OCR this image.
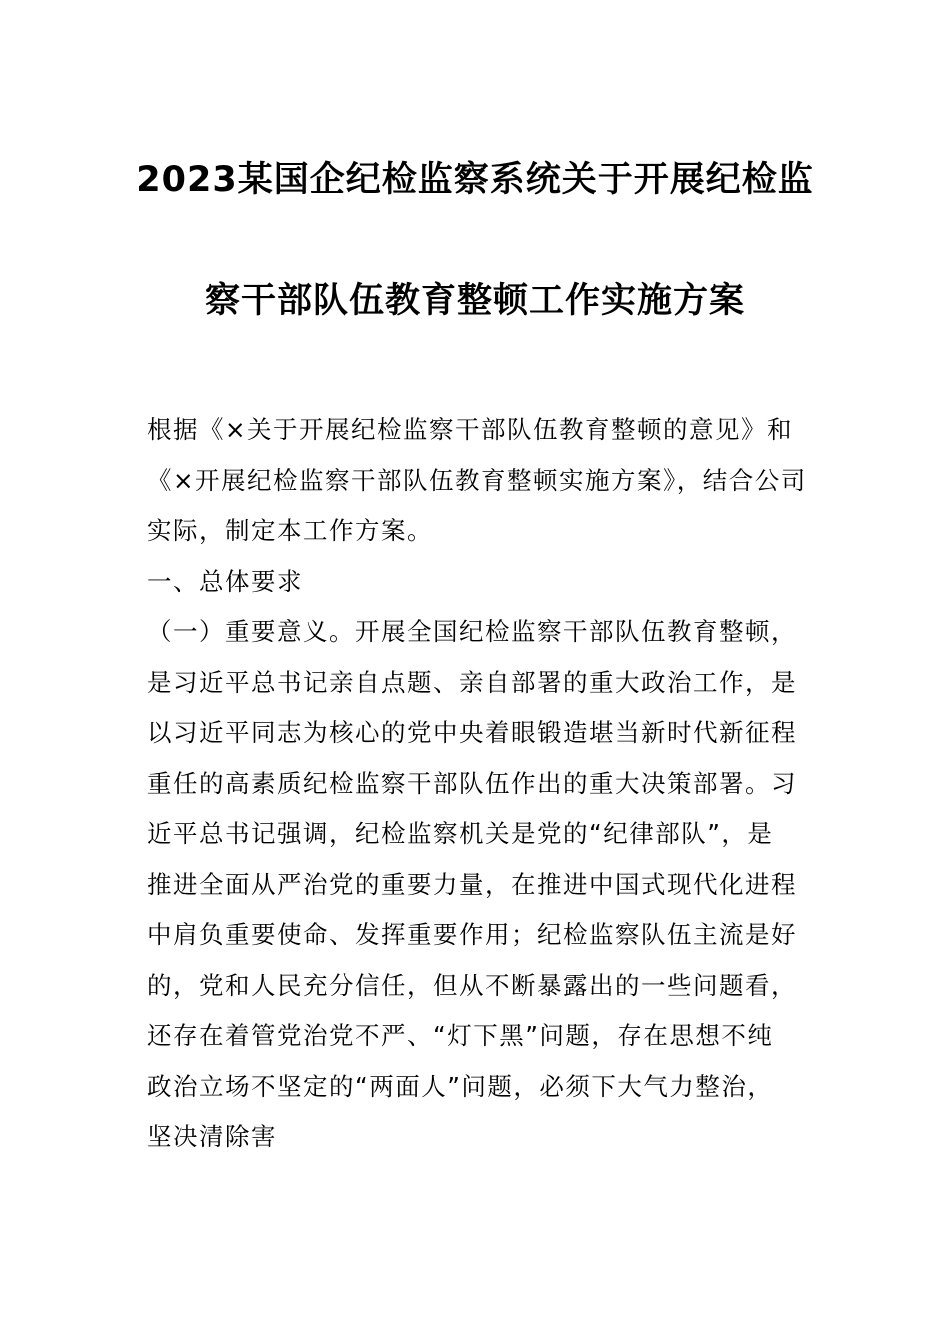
2023某国企纪检监察系统关于开展纪检监
察干部队伍教育整顿工作实施方案
根据《×关于开展纪检监察干部队伍教育整顿的意见》和
《×开展纪检监察干部队伍教育整顿实施方案》，结合公司
实际，制定本工作方案。
一、总体要求
（一）重要意义。开展全国纪检监察干部队伍教育整顿，
是习近平总书记亲自点题、亲自部署的重大政治工作，是
以习近平同志为核心的党中央着眼锻造堪当新时代新征程
重任的高素质纪检监察干部队伍作出的重大决策部署。习
近平总书记强调，纪检监察机关是党的“纪律部队”，是
推进全面从严治党的重要力量，在推进中国式现代化进程
中肩负重要使命、发挥重要作用；纪检监察队伍主流是好
的，党和人民充分信任，但从不断暴露出的一些问题看，
还存在着管党治党不严、“灯下黑”问题，存在思想不纯
政治立场不坚定的“两面人”问题，必须下大气力整治，
坚决清除害
